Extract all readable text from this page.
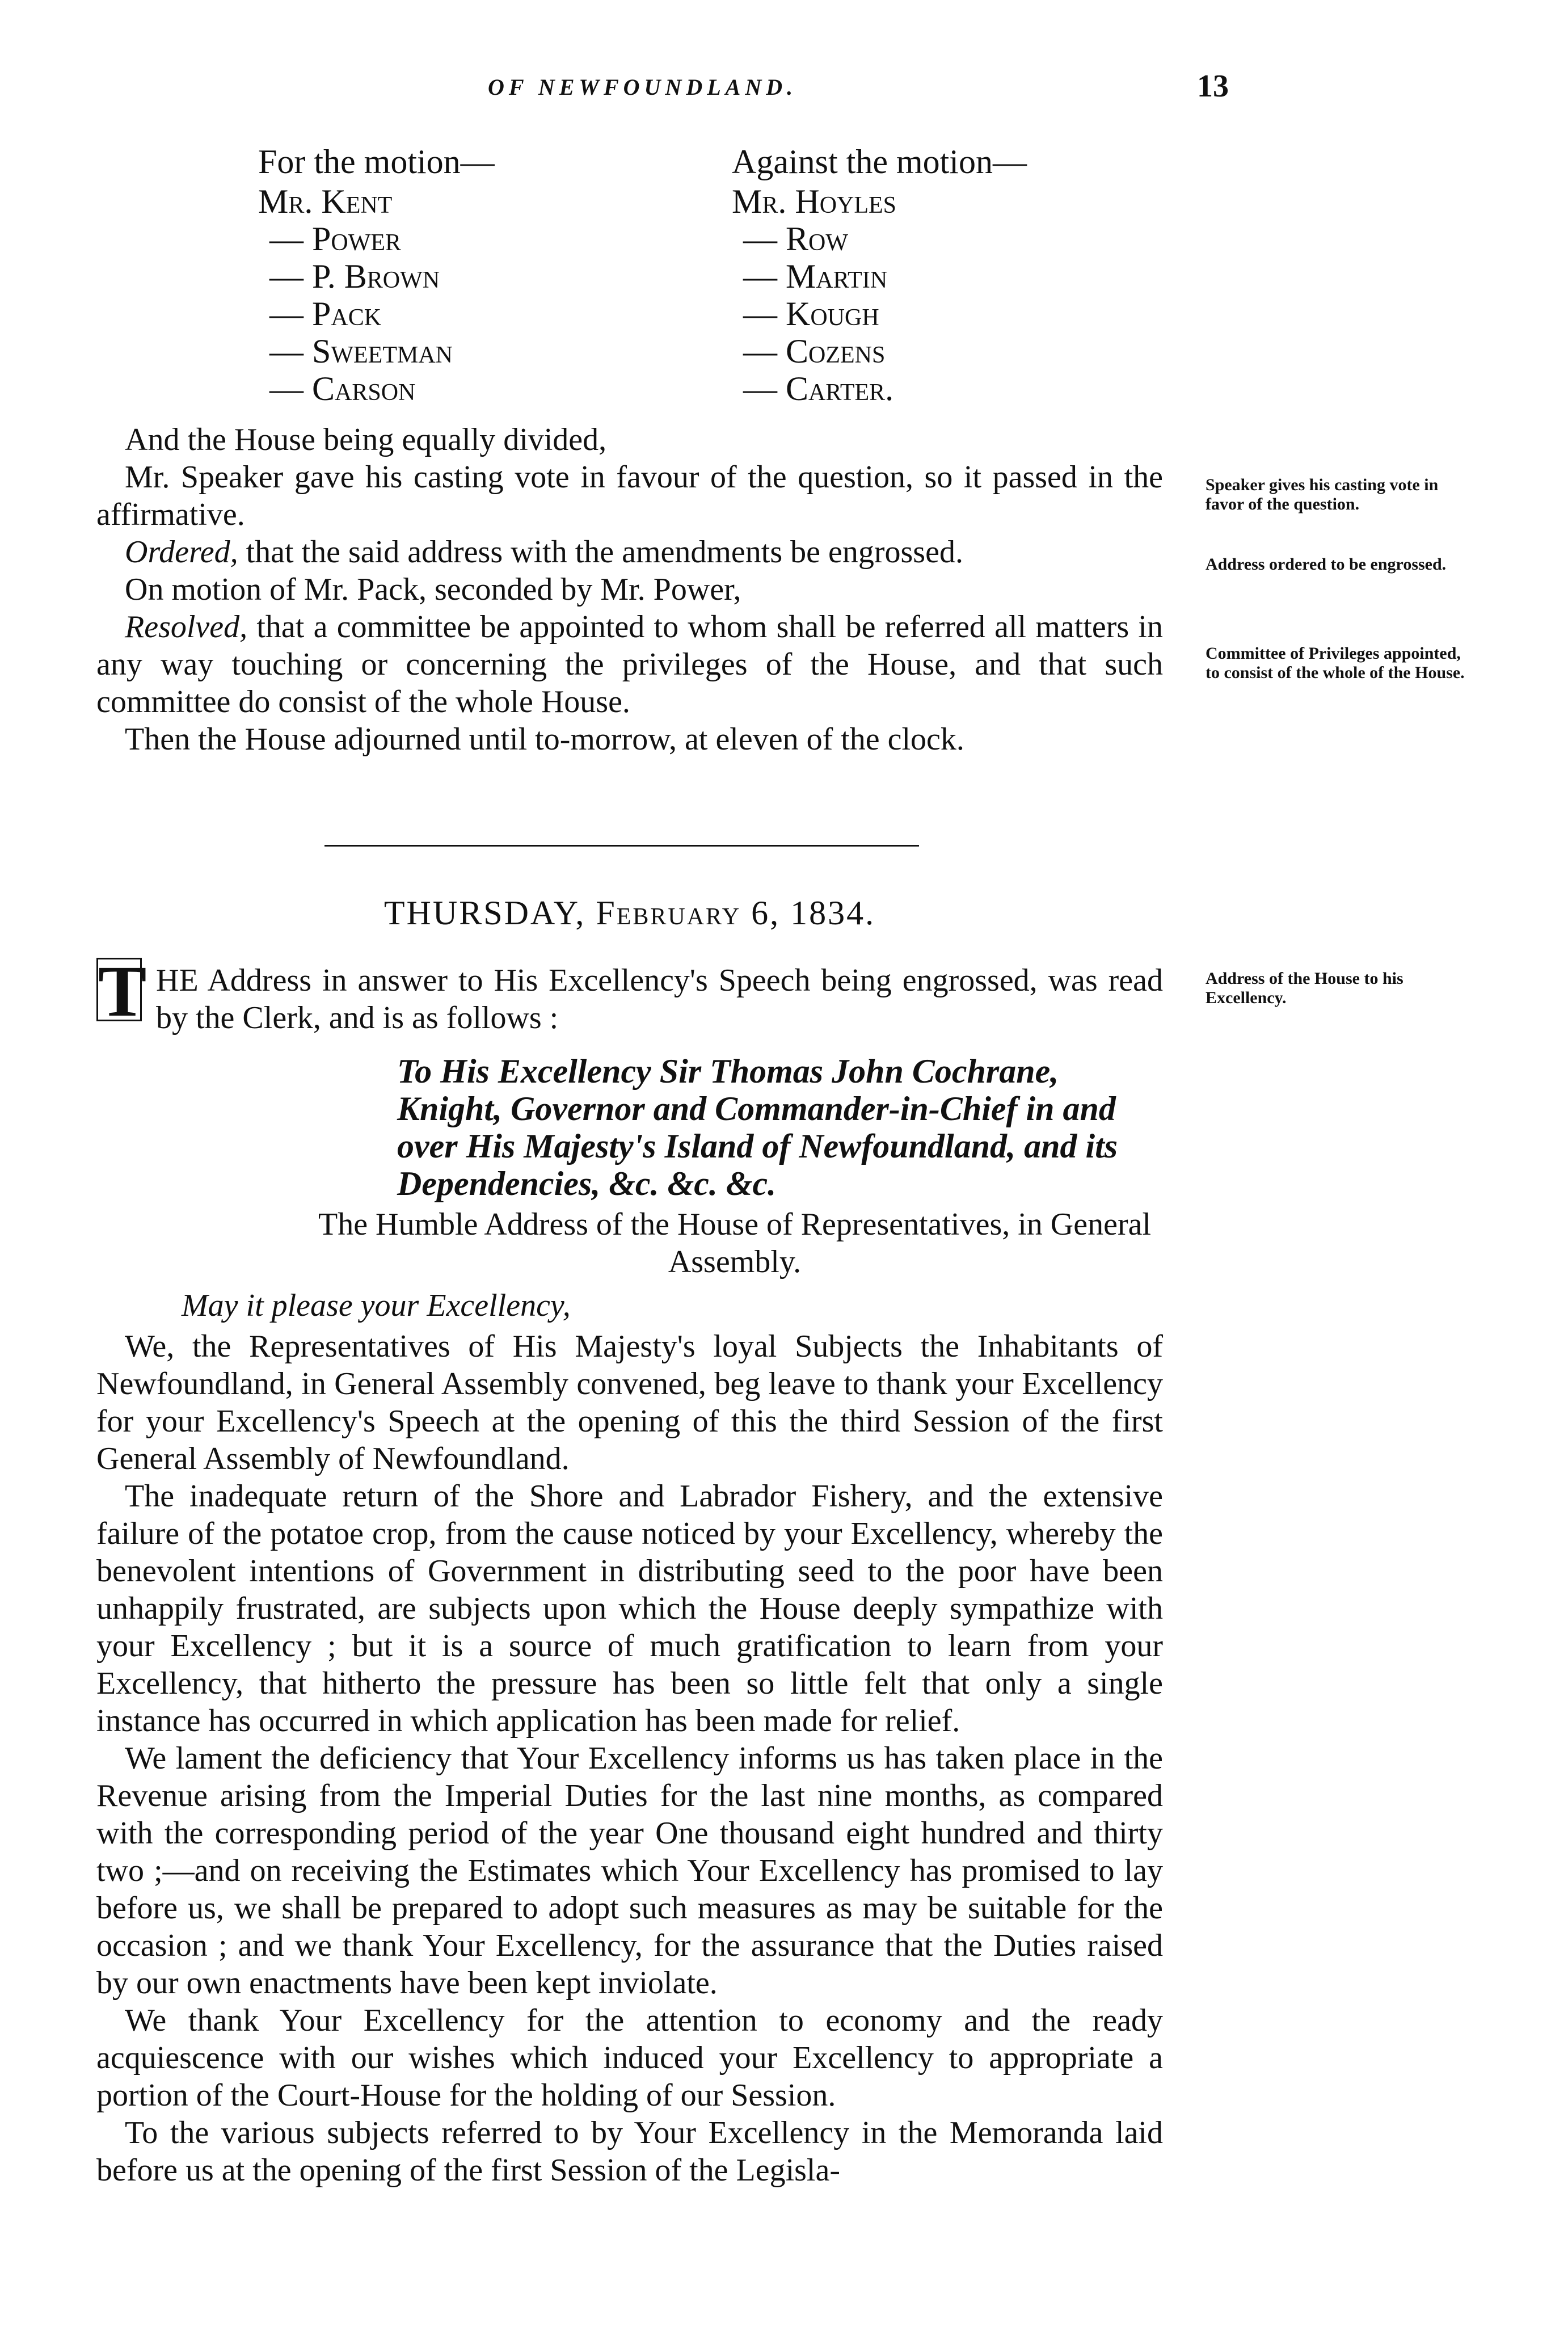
OF NEWFOUNDLAND.	13
For the motion—
Mr. Kent
— Power
— P. Brown
— Pack
— Sweetman
— Carson
Against the motion—
Mr. Hoyles
— Row
— Martin
— Kough
— Cozens
— Carter.

And the House being equally divided,

Mr. Speaker gave his casting vote in favour of the question, so it passed in the affirmative.

Ordered, that the said address with the amendments be engrossed.

On motion of Mr. Pack, seconded by Mr. Power,

Resolved, that a committee be appointed to whom shall be referred all matters in any way touching or concerning the privileges of the House, and that such committee do consist of the whole House.

Then the House adjourned until to-morrow, at eleven of the clock.

Speaker gives his casting vote in favor of the question.
Address ordered to be engrossed.
Committee of Privileges appointed, to consist of the whole of the House.
Address of the House to his Excellency.
THURSDAY, February 6, 1834.
T HE Address in answer to His Excellency's Speech being engrossed, was read by the Clerk, and is as follows :

To His Excellency Sir Thomas John Cochrane, Knight, Governor and Commander-in-Chief in and over His Majesty's Island of Newfoundland, and its Dependencies, &c. &c. &c.

The Humble Address of the House of Representatives, in General Assembly.

May it please your Excellency,

We, the Representatives of His Majesty's loyal Subjects the Inhabitants of Newfoundland, in General Assembly convened, beg leave to thank your Excellency for your Excellency's Speech at the opening of this the third Session of the first General Assembly of Newfoundland.

The inadequate return of the Shore and Labrador Fishery, and the extensive failure of the potatoe crop, from the cause noticed by your Excellency, whereby the benevolent intentions of Government in distributing seed to the poor have been unhappily frustrated, are subjects upon which the House deeply sympathize with your Excellency ; but it is a source of much gratification to learn from your Excellency, that hitherto the pressure has been so little felt that only a single instance has occurred in which application has been made for relief.

We lament the deficiency that Your Excellency informs us has taken place in the Revenue arising from the Imperial Duties for the last nine months, as compared with the corresponding period of the year One thousand eight hundred and thirty two ;—and on receiving the Estimates which Your Excellency has promised to lay before us, we shall be prepared to adopt such measures as may be suitable for the occasion ; and we thank Your Excellency, for the assurance that the Duties raised by our own enactments have been kept inviolate.

We thank Your Excellency for the attention to economy and the ready acquiescence with our wishes which induced your Excellency to appropriate a portion of the Court-House for the holding of our Session.

To the various subjects referred to by Your Excellency in the Memoranda laid before us at the opening of the first Session of the Legisla-
